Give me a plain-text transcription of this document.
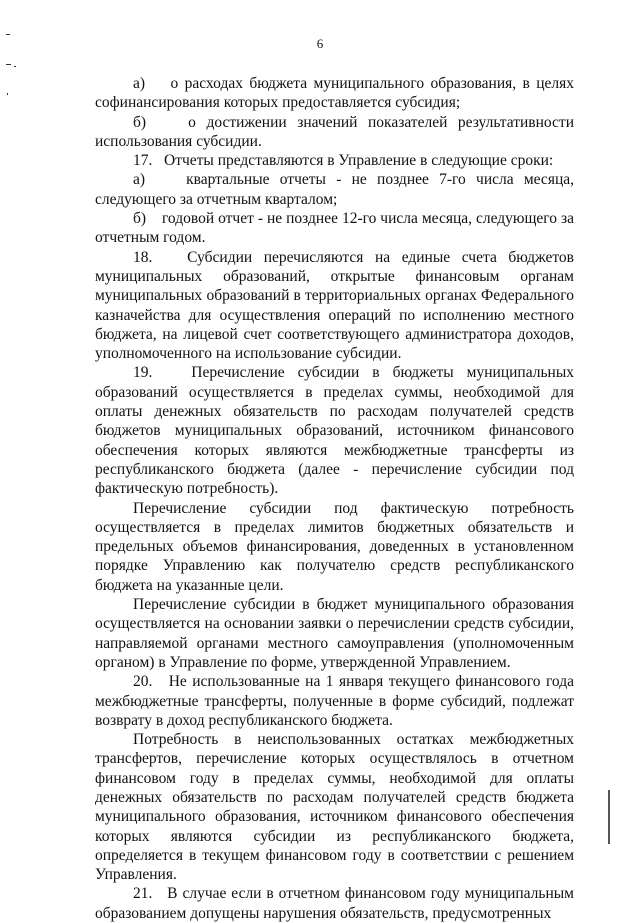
6

а)    о расходах бюджета муниципального образования, в целях софинансирования которых предоставляется субсидия;

б)    о достижении значений показателей результативности использования субсидии.

17.   Отчеты представляются в Управление в следующие сроки:

а)    квартальные отчеты - не позднее 7-го числа месяца, следующего за отчетным кварталом;

б)    годовой отчет - не позднее 12-го числа месяца, следующего за отчетным годом.

18.   Субсидии перечисляются на единые счета бюджетов муниципальных образований, открытые финансовым органам муниципальных образований в территориальных органах Федерального казначейства для осуществления операций по исполнению местного бюджета, на лицевой счет соответствующего администратора доходов, уполномоченного на использование субсидии.

19.   Перечисление субсидии в бюджеты муниципальных образований осуществляется в пределах суммы, необходимой для оплаты денежных обязательств по расходам получателей средств бюджетов муниципальных образований, источником финансового обеспечения которых являются межбюджетные трансферты из республиканского бюджета (далее - перечисление субсидии под фактическую потребность).

Перечисление субсидии под фактическую потребность осуществляется в пределах лимитов бюджетных обязательств и предельных объемов финансирования, доведенных в установленном порядке Управлению как получателю средств республиканского бюджета на указанные цели.

Перечисление субсидии в бюджет муниципального образования осуществляется на основании заявки о перечислении средств субсидии, направляемой органами местного самоуправления (уполномоченным органом) в Управление по форме, утвержденной Управлением.

20.   Не использованные на 1 января текущего финансового года межбюджетные трансферты, полученные в форме субсидий, подлежат возврату в доход республиканского бюджета.

Потребность в неиспользованных остатках межбюджетных трансфертов, перечисление которых осуществлялось в отчетном финансовом году в пределах суммы, необходимой для оплаты денежных обязательств по расходам получателей средств бюджета муниципального образования, источником финансового обеспечения которых являются субсидии из республиканского бюджета, определяется в текущем финансовом году в соответствии с решением Управления.

21.   В случае если в отчетном финансовом году муниципальным образованием допущены нарушения обязательств, предусмотренных
